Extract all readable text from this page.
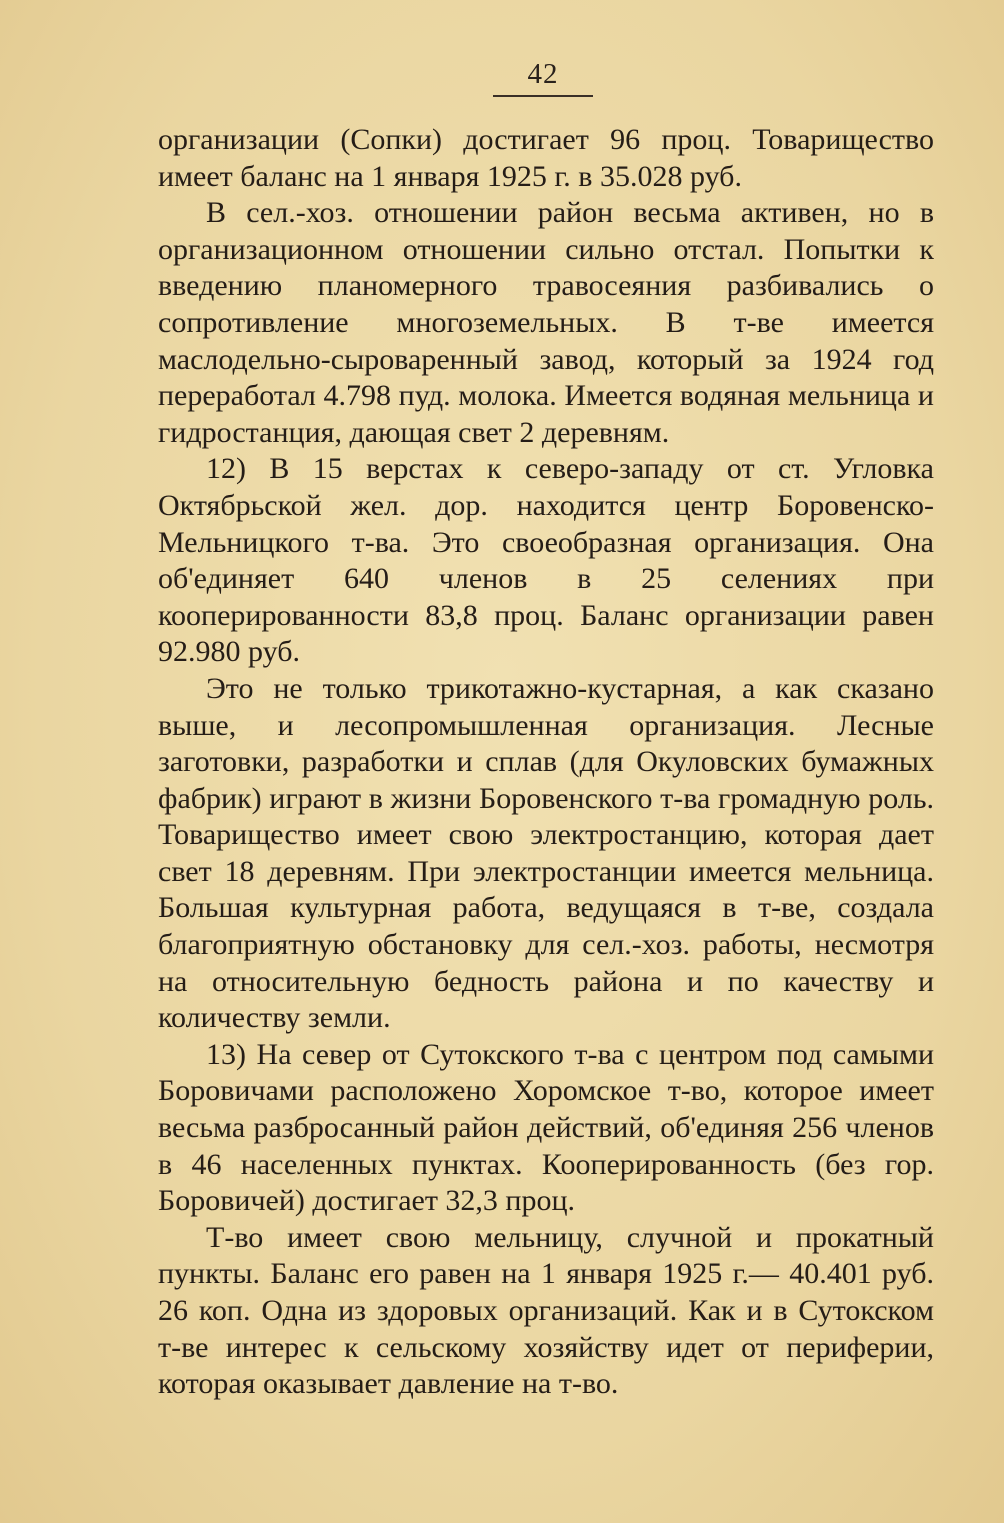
42

организации (Сопки) достигает 96 проц. Товарищество имеет баланс на 1 января 1925 г. в 35.028 руб.

В сел.-хоз. отношении район весьма активен, но в организационном отношении сильно отстал. Попытки к введению планомерного травосеяния разбивались о сопротивление многоземельных. В т-ве имеется маслодельно-сыроваренный завод, который за 1924 год переработал 4.798 пуд. молока. Имеется водяная мельница и гидростанция, дающая свет 2 деревням.

12) В 15 верстах к северо-западу от ст. Угловка Октябрьской жел. дор. находится центр Боровенско-Мельницкого т-ва. Это своеобразная организация. Она об'единяет 640 членов в 25 селениях при кооперированности 83,8 проц. Баланс организации равен 92.980 руб.

Это не только трикотажно-кустарная, а как сказано выше, и лесопромышленная организация. Лесные заготовки, разработки и сплав (для Окуловских бумажных фабрик) играют в жизни Боровенского т-ва громадную роль. Товарищество имеет свою электростанцию, которая дает свет 18 деревням. При электростанции имеется мельница. Большая культурная работа, ведущаяся в т-ве, создала благоприятную обстановку для сел.-хоз. работы, несмотря на относительную бедность района и по качеству и количеству земли.

13) На север от Сутокского т-ва с центром под самыми Боровичами расположено Хоромское т-во, которое имеет весьма разбросанный район действий, об'единяя 256 членов в 46 населенных пунктах. Кооперированность (без гор. Боровичей) достигает 32,3 проц.

Т-во имеет свою мельницу, случной и прокатный пункты. Баланс его равен на 1 января 1925 г.— 40.401 руб. 26 коп. Одна из здоровых организаций. Как и в Сутокском т-ве интерес к сельскому хозяйству идет от периферии, которая оказывает давление на т-во.
